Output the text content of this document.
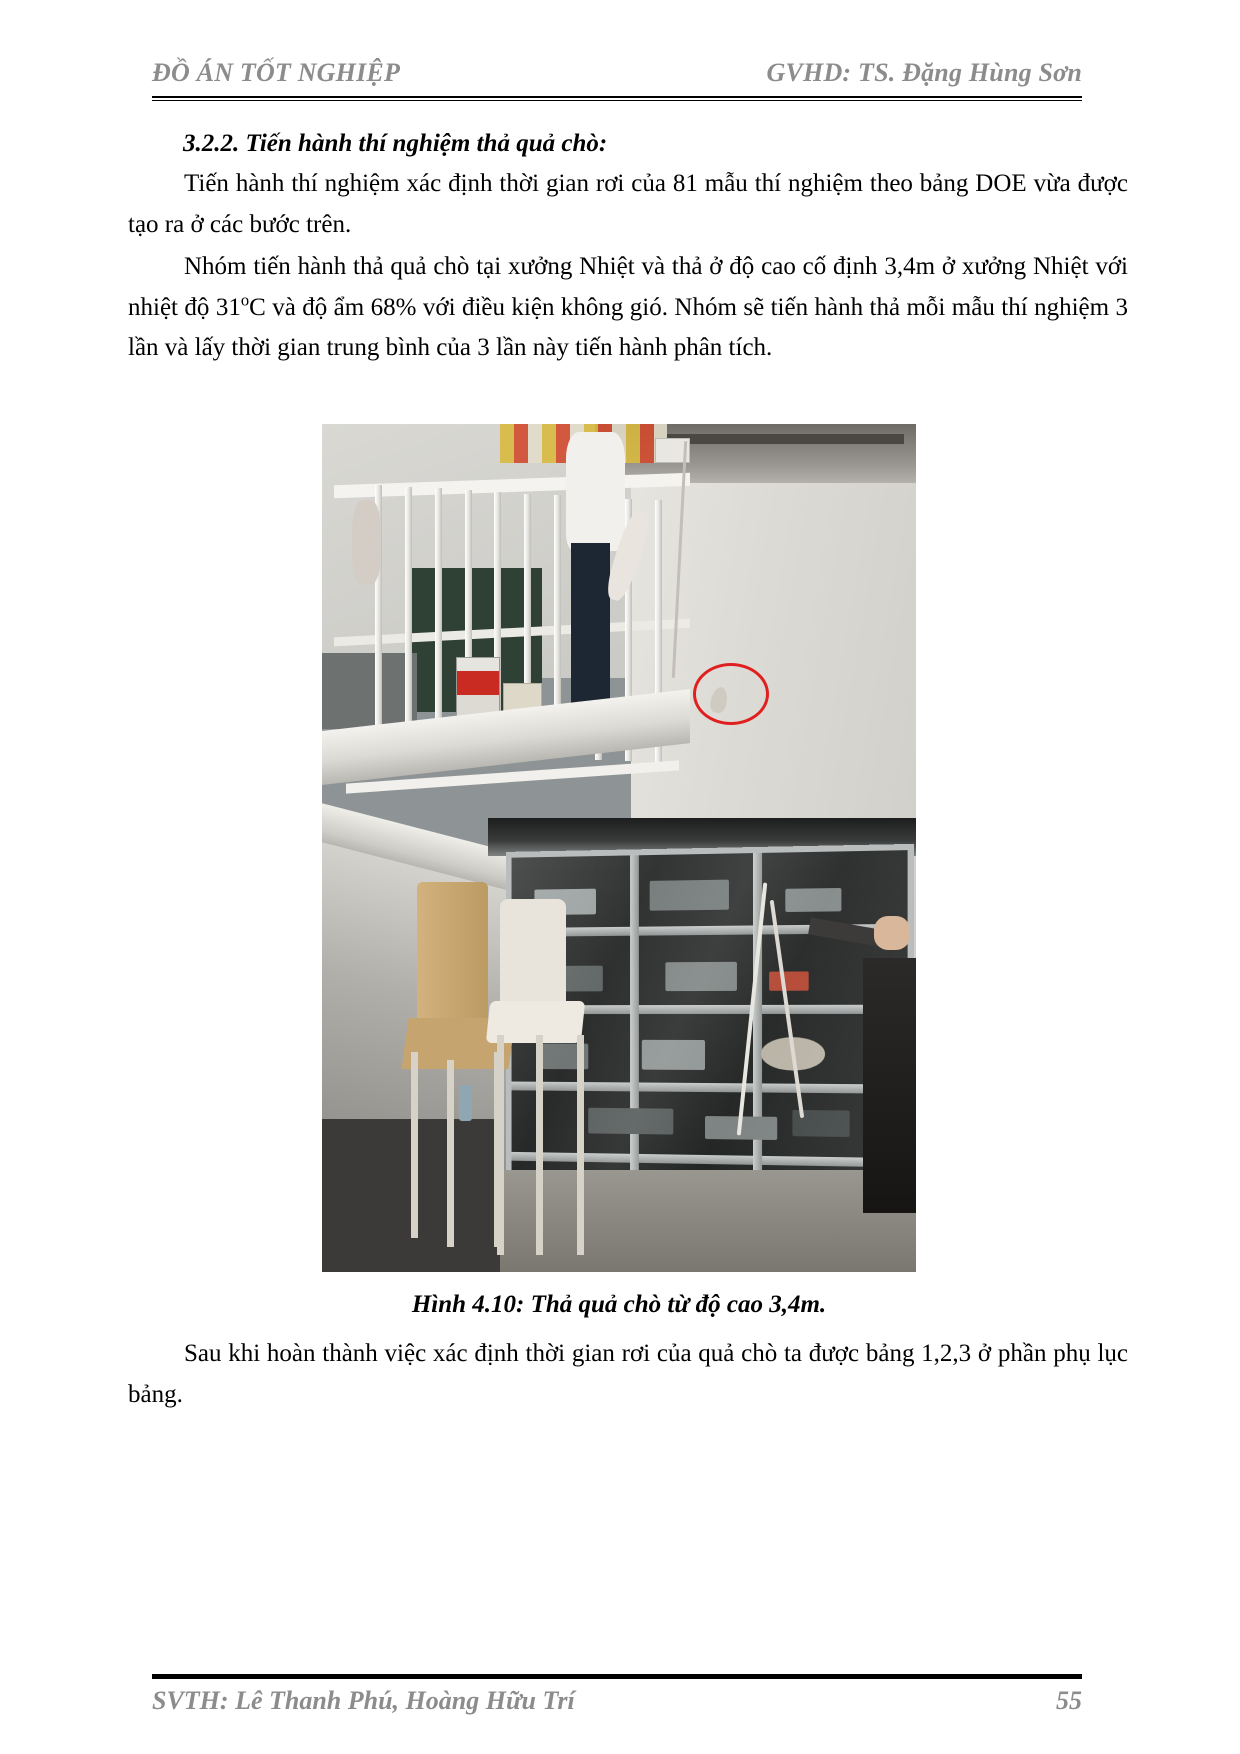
ĐỒ ÁN TỐT NGHIỆP	GVHD: TS. Đặng Hùng Sơn
3.2.2. Tiến hành thí nghiệm thả quả chò:

Tiến hành thí nghiệm xác định thời gian rơi của 81 mẫu thí nghiệm theo bảng DOE vừa được tạo ra ở các bước trên.

Nhóm tiến hành thả quả chò tại xưởng Nhiệt và thả ở độ cao cố định 3,4m ở xưởng Nhiệt với nhiệt độ 31$^o$C và độ ẩm 68% với điều kiện không gió. Nhóm sẽ tiến hành thả mỗi mẫu thí nghiệm 3 lần và lấy thời gian trung bình của 3 lần này tiến hành phân tích.

Hình 4.10: Thả quả chò từ độ cao 3,4m.

Sau khi hoàn thành việc xác định thời gian rơi của quả chò ta được bảng 1,2,3 ở phần phụ lục bảng.

SVTH: Lê Thanh Phú, Hoàng Hữu Trí	55
